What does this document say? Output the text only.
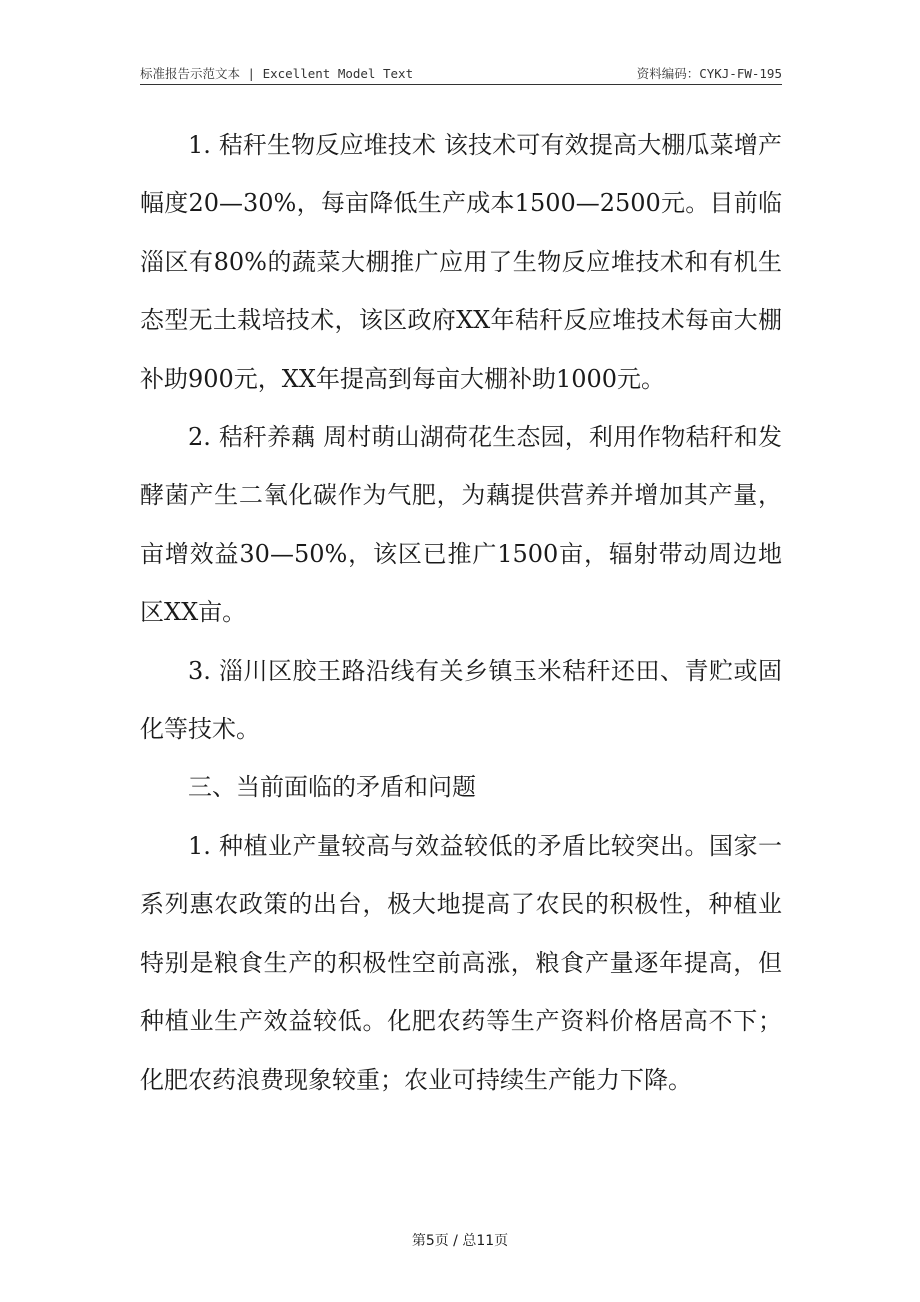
标准报告示范文本 | Excellent Model Text	资料编码：CYKJ-FW-195

1. 秸秆生物反应堆技术 该技术可有效提高大棚瓜菜增产幅度20—30%，每亩降低生产成本1500—2500元。目前临淄区有80%的蔬菜大棚推广应用了生物反应堆技术和有机生态型无土栽培技术，该区政府XX年秸秆反应堆技术每亩大棚补助900元，XX年提高到每亩大棚补助1000元。

2. 秸秆养藕 周村萌山湖荷花生态园，利用作物秸秆和发酵菌产生二氧化碳作为气肥，为藕提供营养并增加其产量，亩增效益30—50%，该区已推广1500亩，辐射带动周边地区XX亩。

3. 淄川区胶王路沿线有关乡镇玉米秸秆还田、青贮或固化等技术。

三、当前面临的矛盾和问题

1. 种植业产量较高与效益较低的矛盾比较突出。国家一系列惠农政策的出台，极大地提高了农民的积极性，种植业特别是粮食生产的积极性空前高涨，粮食产量逐年提高，但种植业生产效益较低。化肥农药等生产资料价格居高不下；化肥农药浪费现象较重；农业可持续生产能力下降。

第5页 / 总11页
